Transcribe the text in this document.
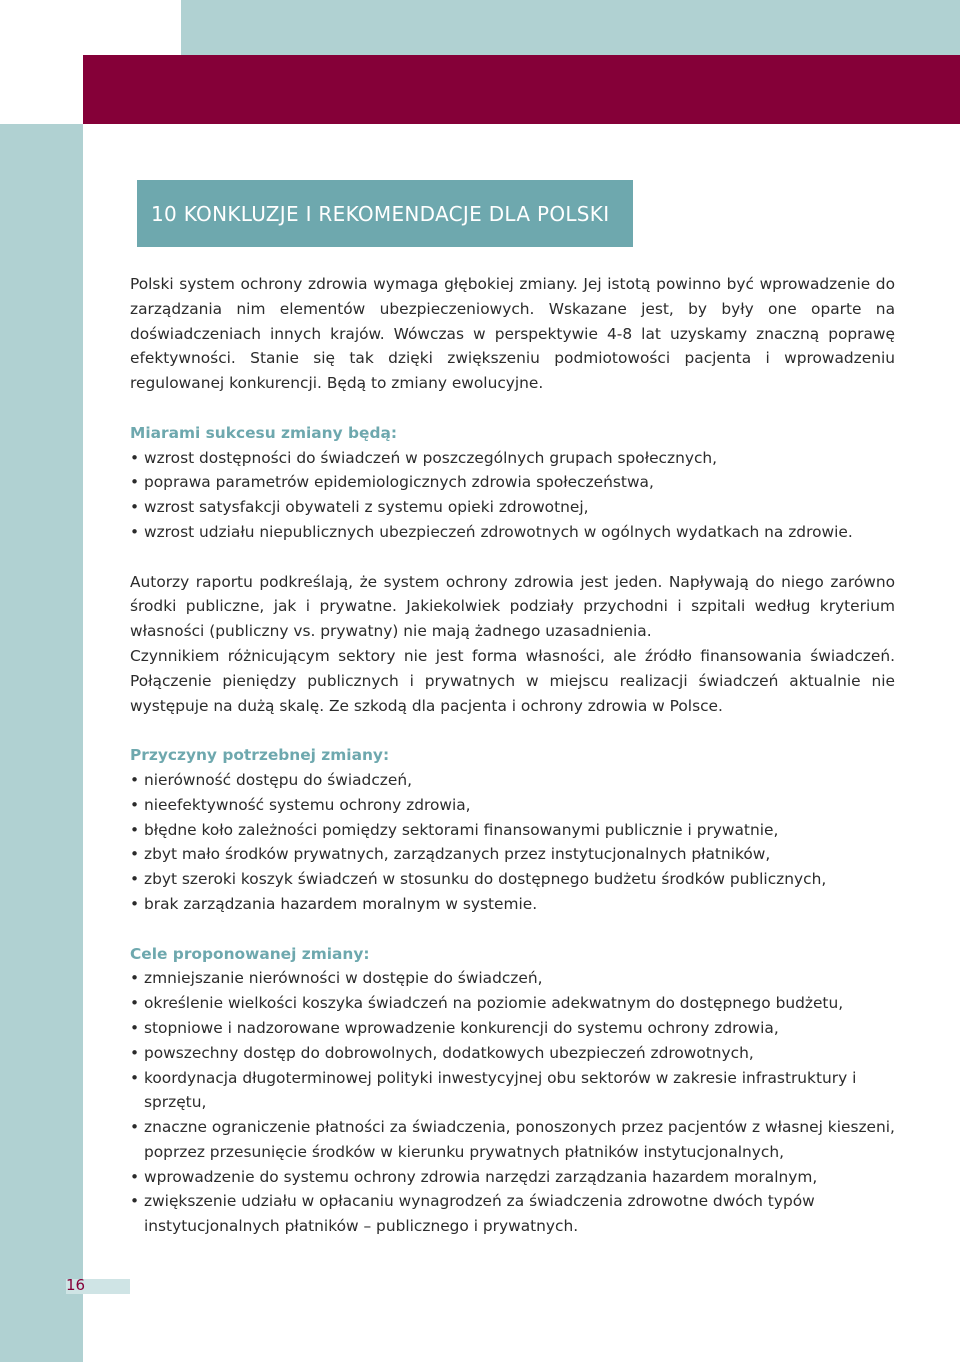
10 KONKLUZJE I REKOMENDACJE DLA POLSKI

Polski system ochrony zdrowia wymaga głębokiej zmiany. Jej istotą powinno być wprowadzenie do zarządzania nim elementów ubezpieczeniowych. Wskazane jest, by były one oparte na doświadczeniach innych krajów. Wówczas w perspektywie 4-8 lat uzyskamy znaczną poprawę efektywności. Stanie się tak dzięki zwiększeniu podmiotowości pacjenta i wprowadzeniu regulowanej konkurencji. Będą to zmiany ewolucyjne.

Miarami sukcesu zmiany będą:

• wzrost dostępności do świadczeń w poszczególnych grupach społecznych,
• poprawa parametrów epidemiologicznych zdrowia społeczeństwa,
• wzrost satysfakcji obywateli z systemu opieki zdrowotnej,
• wzrost udziału niepublicznych ubezpieczeń zdrowotnych w ogólnych wydatkach na zdrowie.

Autorzy raportu podkreślają, że system ochrony zdrowia jest jeden. Napływają do niego zarówno środki publiczne, jak i prywatne. Jakiekolwiek podziały przychodni i szpitali według kryterium własności (publiczny vs. prywatny) nie mają żadnego uzasadnienia.

Czynnikiem różnicującym sektory nie jest forma własności, ale źródło finansowania świadczeń. Połączenie pieniędzy publicznych i prywatnych w miejscu realizacji świadczeń aktualnie nie występuje na dużą skalę. Ze szkodą dla pacjenta i ochrony zdrowia w Polsce.

Przyczyny potrzebnej zmiany:

• nierówność dostępu do świadczeń,
• nieefektywność systemu ochrony zdrowia,
• błędne koło zależności pomiędzy sektorami finansowanymi publicznie i prywatnie,
• zbyt mało środków prywatnych, zarządzanych przez instytucjonalnych płatników,
• zbyt szeroki koszyk świadczeń w stosunku do dostępnego budżetu środków publicznych,
• brak zarządzania hazardem moralnym w systemie.

Cele proponowanej zmiany:

• zmniejszanie nierówności w dostępie do świadczeń,
• określenie wielkości koszyka świadczeń na poziomie adekwatnym do dostępnego budżetu,
• stopniowe i nadzorowane wprowadzenie konkurencji do systemu ochrony zdrowia,
• powszechny dostęp do dobrowolnych, dodatkowych ubezpieczeń zdrowotnych,
• koordynacja długoterminowej polityki inwestycyjnej obu sektorów w zakresie infrastruktury i sprzętu,
• znaczne ograniczenie płatności za świadczenia, ponoszonych przez pacjentów z własnej kieszeni, poprzez przesunięcie środków w kierunku prywatnych płatników instytucjonalnych,
• wprowadzenie do systemu ochrony zdrowia narzędzi zarządzania hazardem moralnym,
• zwiększenie udziału w opłacaniu wynagrodzeń za świadczenia zdrowotne dwóch typów instytucjonalnych płatników – publicznego i prywatnych.
16
